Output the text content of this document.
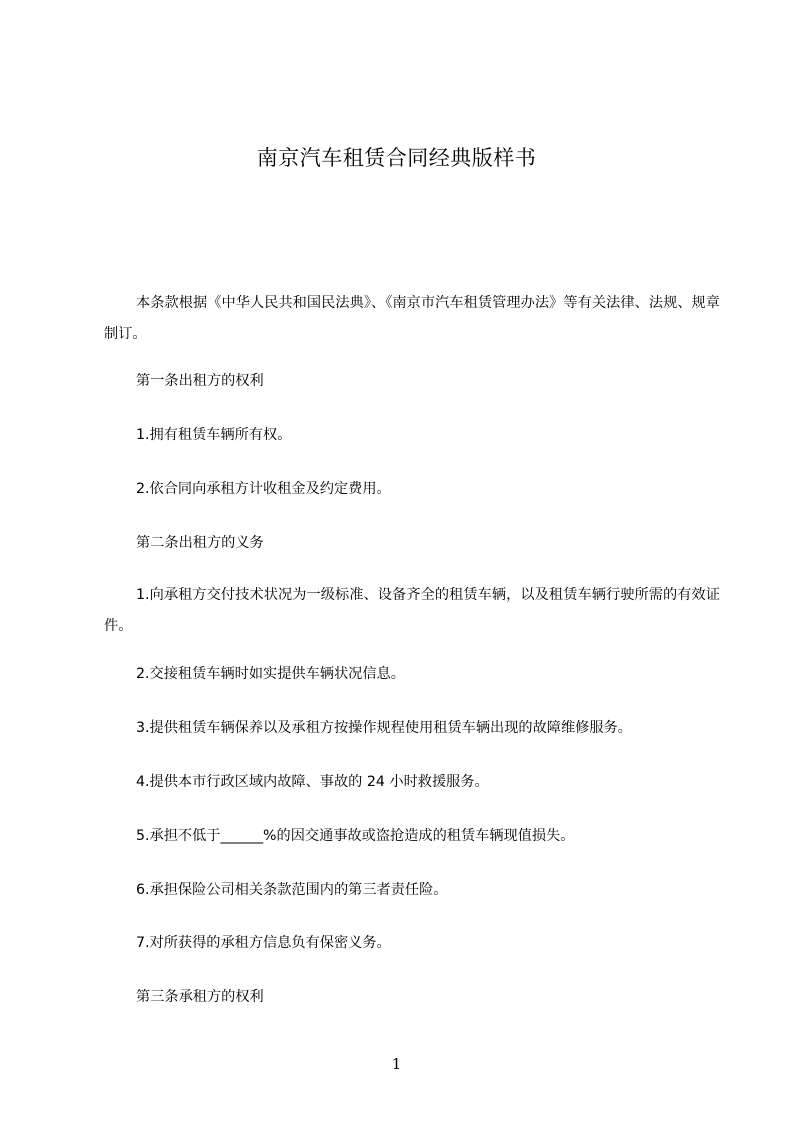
南京汽车租赁合同经典版样书

本条款根据《中华人民共和国民法典》、《南京市汽车租赁管理办法》等有关法律、法规、规章制订。

第一条出租方的权利

1.拥有租赁车辆所有权。

2.依合同向承租方计收租金及约定费用。

第二条出租方的义务

1.向承租方交付技术状况为一级标准、设备齐全的租赁车辆，以及租赁车辆行驶所需的有效证件。

2.交接租赁车辆时如实提供车辆状况信息。

3.提供租赁车辆保养以及承租方按操作规程使用租赁车辆出现的故障维修服务。

4.提供本市行政区域内故障、事故的 24 小时救援服务。

5.承担不低于______%的因交通事故或盗抢造成的租赁车辆现值损失。

6.承担保险公司相关条款范围内的第三者责任险。

7.对所获得的承租方信息负有保密义务。

第三条承租方的权利

1
